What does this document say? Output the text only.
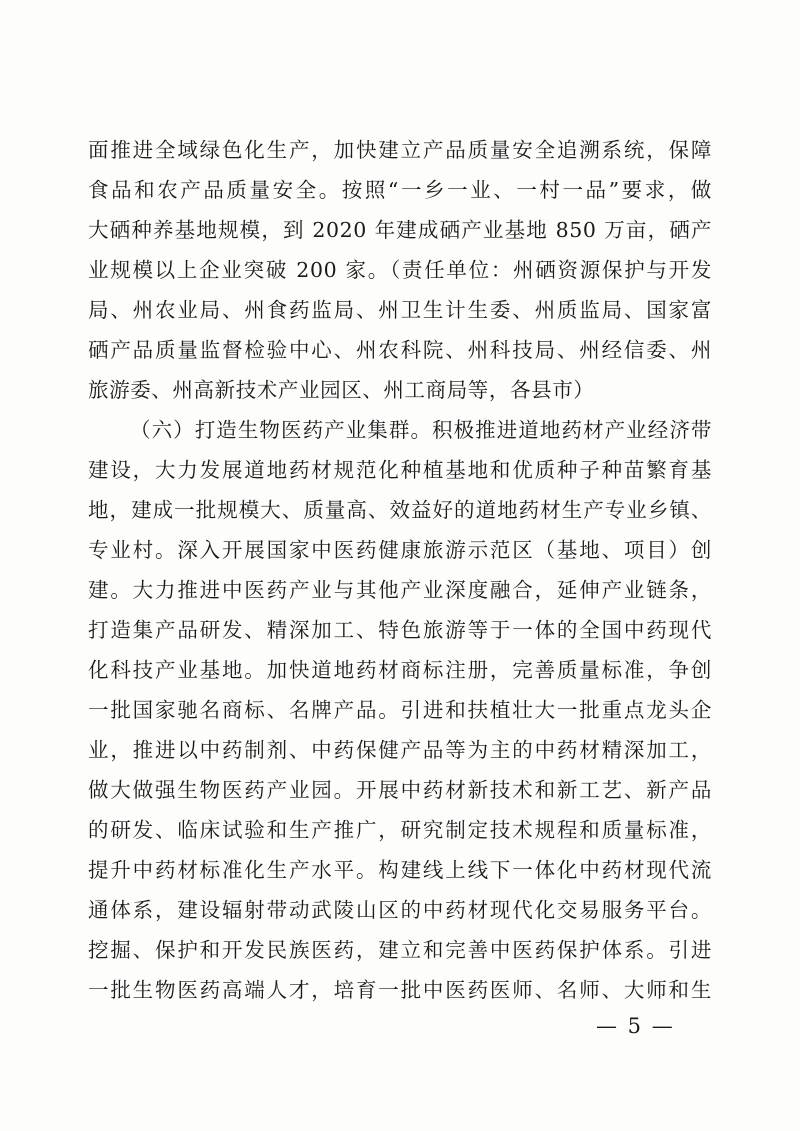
面推进全域绿色化生产，加快建立产品质量安全追溯系统，保障
食品和农产品质量安全。按照“一乡一业、一村一品”要求，做
大硒种养基地规模，到 2020 年建成硒产业基地 850 万亩，硒产
业规模以上企业突破 200 家。（责任单位：州硒资源保护与开发
局、州农业局、州食药监局、州卫生计生委、州质监局、国家富
硒产品质量监督检验中心、州农科院、州科技局、州经信委、州
旅游委、州高新技术产业园区、州工商局等，各县市）
（六）打造生物医药产业集群。积极推进道地药材产业经济带
建设，大力发展道地药材规范化种植基地和优质种子种苗繁育基
地，建成一批规模大、质量高、效益好的道地药材生产专业乡镇、
专业村。深入开展国家中医药健康旅游示范区（基地、项目）创
建。大力推进中医药产业与其他产业深度融合，延伸产业链条，
打造集产品研发、精深加工、特色旅游等于一体的全国中药现代
化科技产业基地。加快道地药材商标注册，完善质量标准，争创
一批国家驰名商标、名牌产品。引进和扶植壮大一批重点龙头企
业，推进以中药制剂、中药保健产品等为主的中药材精深加工，
做大做强生物医药产业园。开展中药材新技术和新工艺、新产品
的研发、临床试验和生产推广，研究制定技术规程和质量标准，
提升中药材标准化生产水平。构建线上线下一体化中药材现代流
通体系，建设辐射带动武陵山区的中药材现代化交易服务平台。
挖掘、保护和开发民族医药，建立和完善中医药保护体系。引进
一批生物医药高端人才，培育一批中医药医师、名师、大师和生
— 5 —
